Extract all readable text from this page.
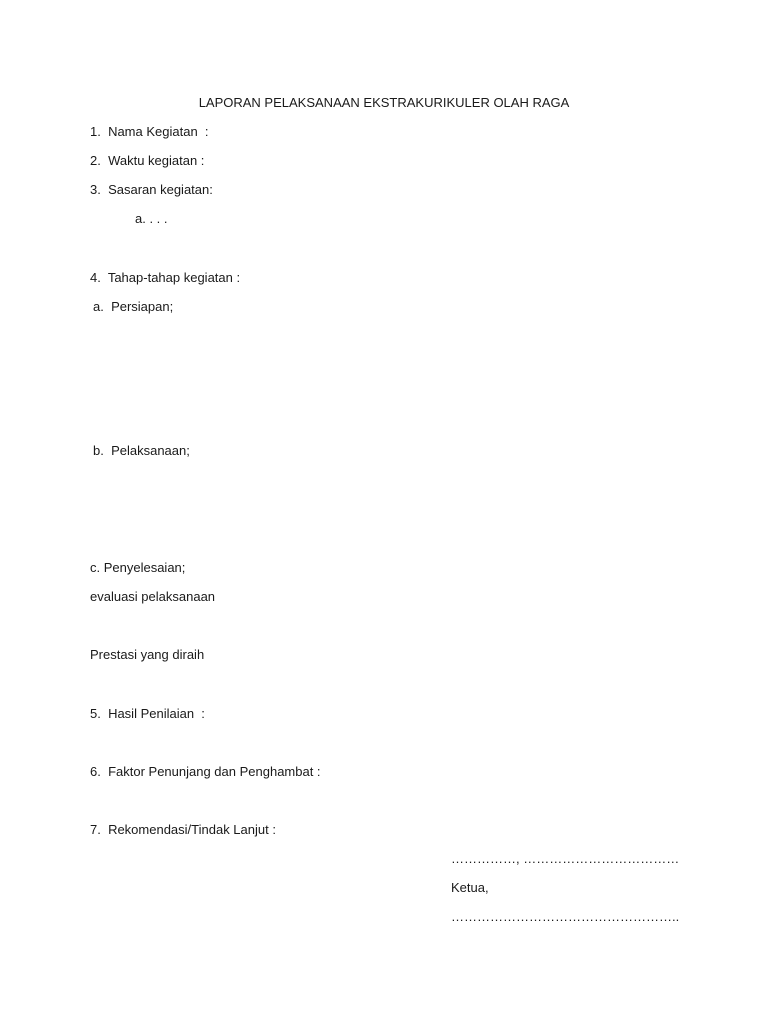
LAPORAN PELAKSANAAN EKSTRAKURIKULER OLAH RAGA
1.  Nama Kegiatan  :
2.  Waktu kegiatan :
3.  Sasaran kegiatan:
a. . . .
4.  Tahap-tahap kegiatan :
a.  Persiapan;
b.  Pelaksanaan;
c. Penyelesaian;
evaluasi pelaksanaan
Prestasi yang diraih
5.  Hasil Penilaian  :
6.  Faktor Penunjang dan Penghambat :
7.  Rekomendasi/Tindak Lanjut :
……………, ………………………………
Ketua,
……………………………………………..
